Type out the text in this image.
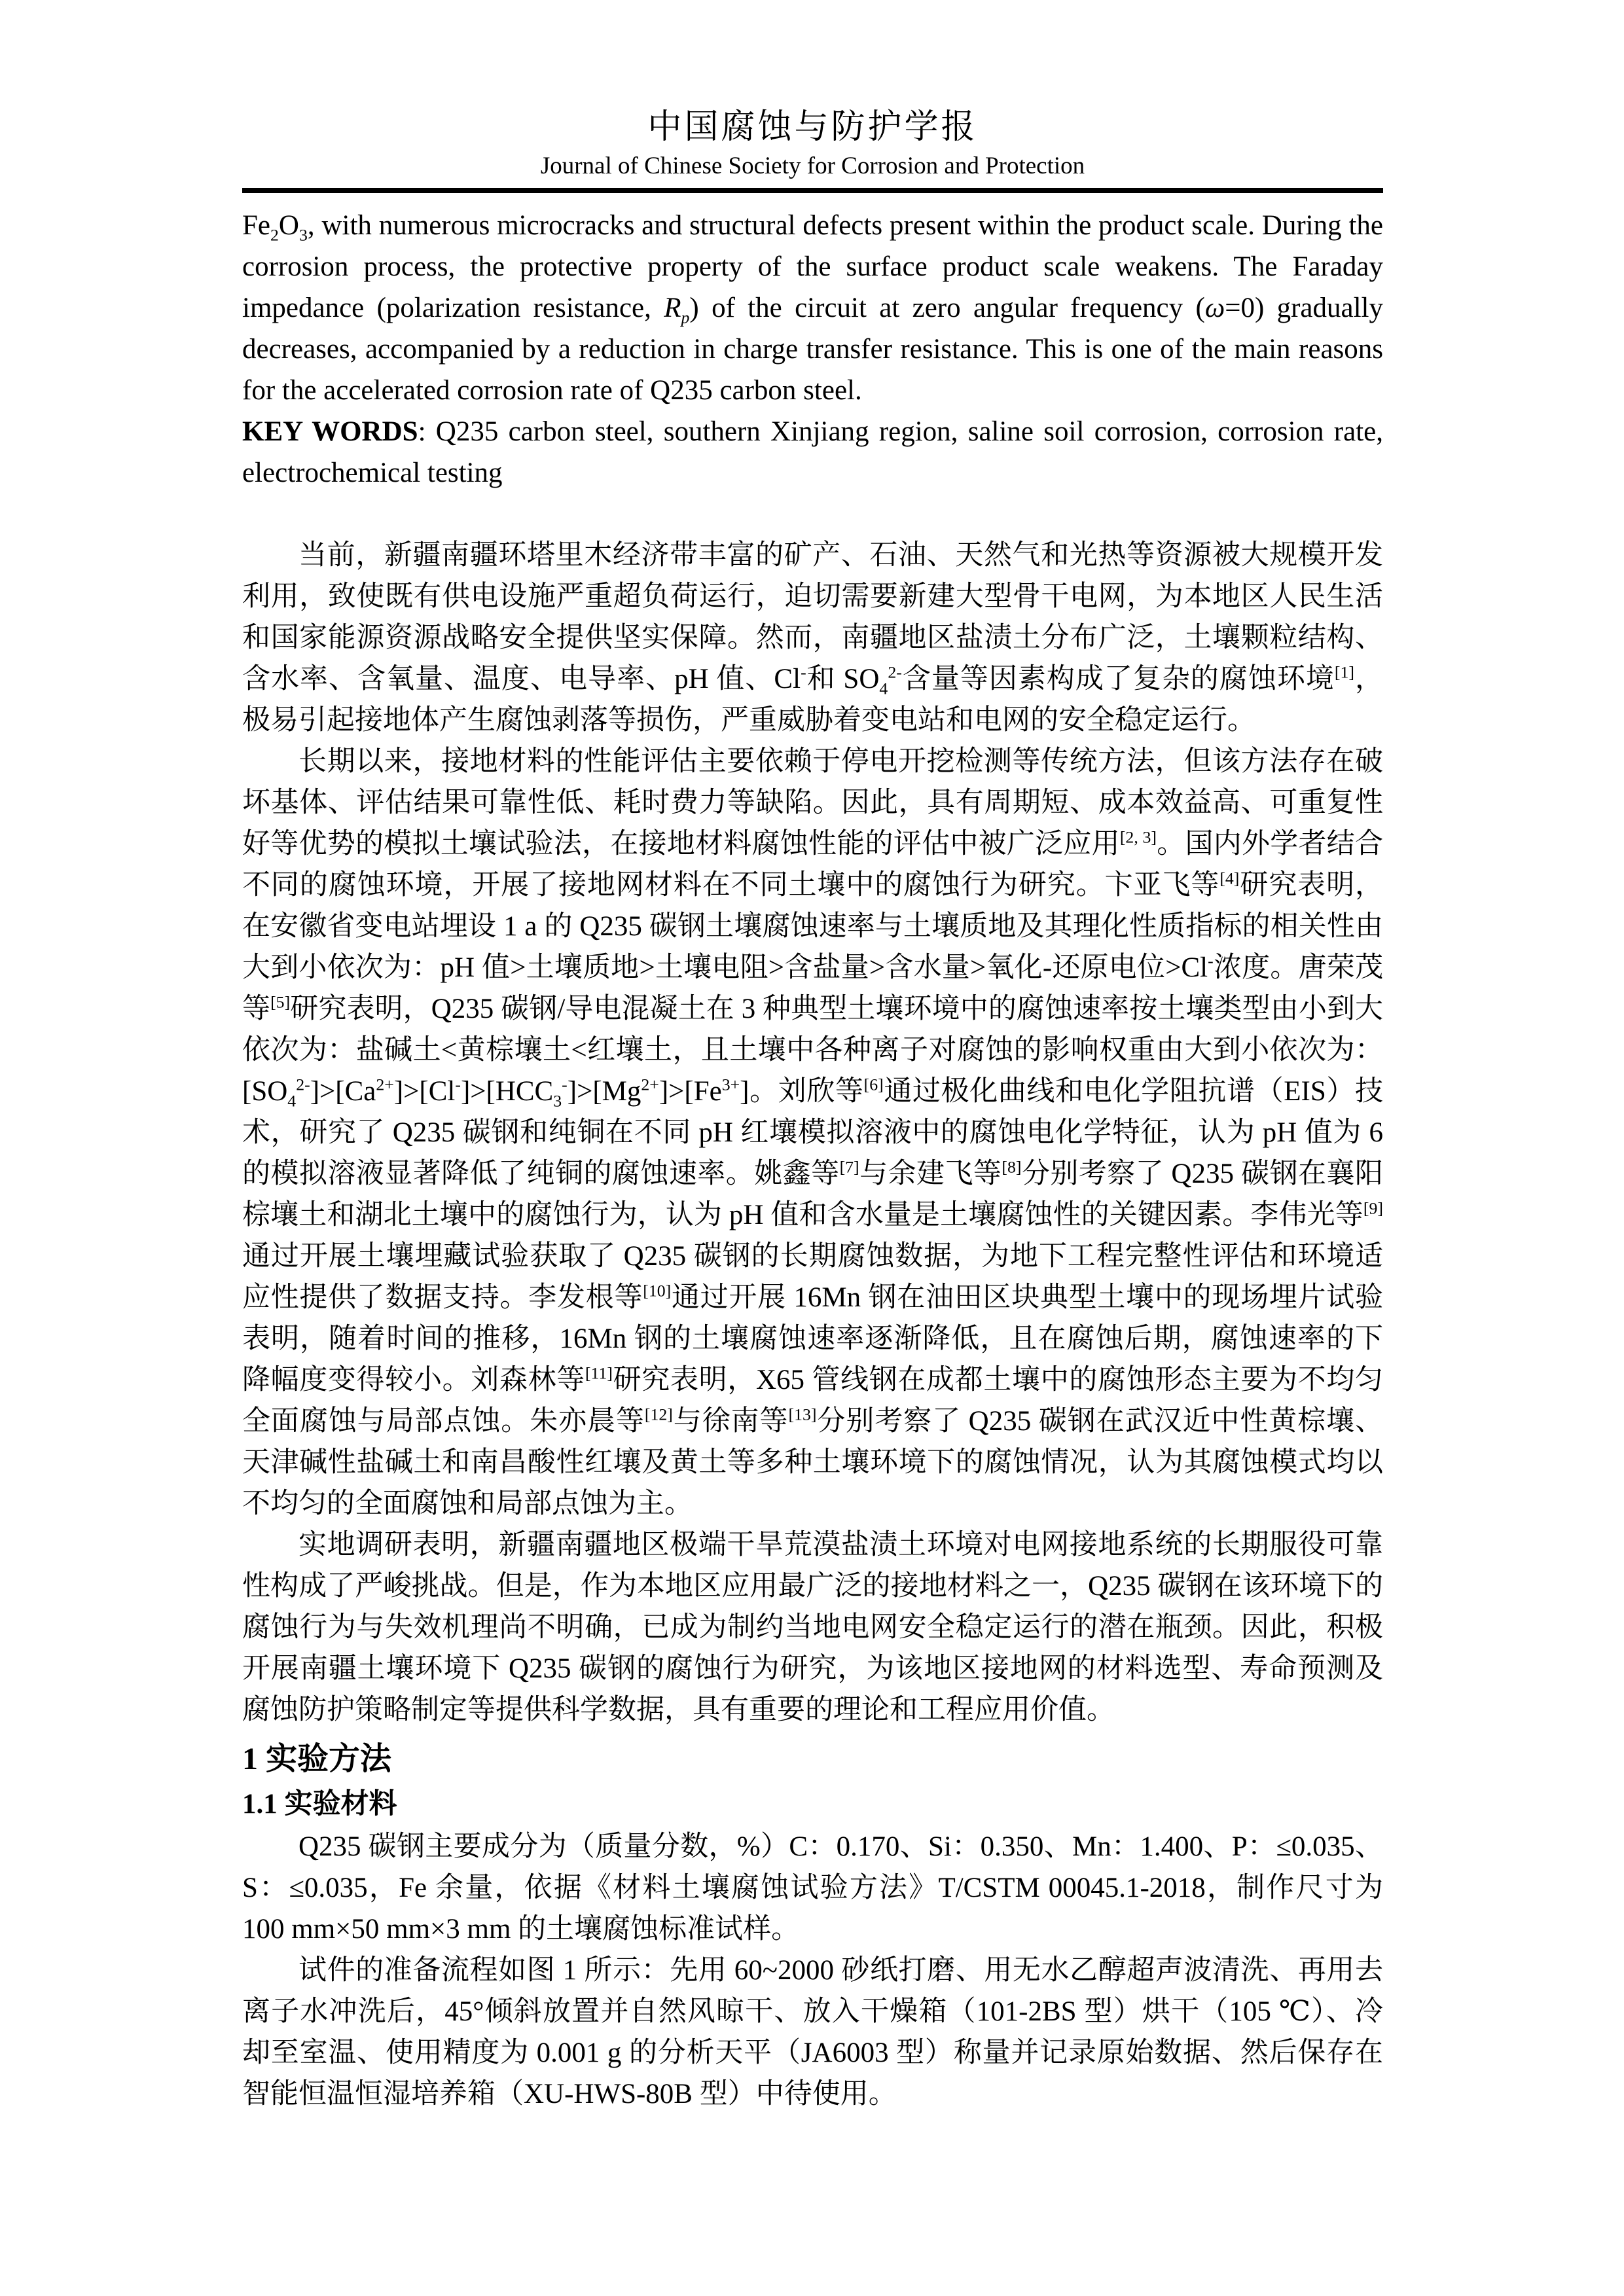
中国腐蚀与防护学报
Journal of Chinese Society for Corrosion and Protection

$Fe_2O_3$, with numerous microcracks and structural defects present within the product scale. During the corrosion process, the protective property of the surface product scale weakens. The Faraday impedance (polarization resistance, $R_p$) of the circuit at zero angular frequency (ω=0) gradually decreases, accompanied by a reduction in charge transfer resistance. This is one of the main reasons for the accelerated corrosion rate of Q235 carbon steel.

KEY WORDS: Q235 carbon steel, southern Xinjiang region, saline soil corrosion, corrosion rate, electrochemical testing

当前，新疆南疆环塔里木经济带丰富的矿产、石油、天然气和光热等资源被大规模开发利用，致使既有供电设施严重超负荷运行，迫切需要新建大型骨干电网，为本地区人民生活和国家能源资源战略安全提供坚实保障。然而，南疆地区盐渍土分布广泛，土壤颗粒结构、含水率、含氧量、温度、电导率、pH 值、Cl-和 $SO_4^{2-}$含量等因素构成了复杂的腐蚀环境[1]，极易引起接地体产生腐蚀剥落等损伤，严重威胁着变电站和电网的安全稳定运行。

长期以来，接地材料的性能评估主要依赖于停电开挖检测等传统方法，但该方法存在破坏基体、评估结果可靠性低、耗时费力等缺陷。因此，具有周期短、成本效益高、可重复性好等优势的模拟土壤试验法，在接地材料腐蚀性能的评估中被广泛应用[2, 3]。国内外学者结合不同的腐蚀环境，开展了接地网材料在不同土壤中的腐蚀行为研究。卞亚飞等[4]研究表明，在安徽省变电站埋设 1 a 的 Q235 碳钢土壤腐蚀速率与土壤质地及其理化性质指标的相关性由大到小依次为：pH 值>土壤质地>土壤电阻>含盐量>含水量>氧化-还原电位>Cl-浓度。唐荣茂等[5]研究表明，Q235 碳钢/导电混凝土在 3 种典型土壤环境中的腐蚀速率按土壤类型由小到大依次为：盐碱土<黄棕壤土<红壤土，且土壤中各种离子对腐蚀的影响权重由大到小依次为：$[SO_4^{2-}]>[Ca^{2+}]>[Cl^-]>[HCC_3^-]>[Mg^{2+}]>[Fe^{3+}]$。刘欣等[6]通过极化曲线和电化学阻抗谱（EIS）技术，研究了 Q235 碳钢和纯铜在不同 pH 红壤模拟溶液中的腐蚀电化学特征，认为 pH 值为 6 的模拟溶液显著降低了纯铜的腐蚀速率。姚鑫等[7]与余建飞等[8]分别考察了 Q235 碳钢在襄阳棕壤土和湖北土壤中的腐蚀行为，认为 pH 值和含水量是土壤腐蚀性的关键因素。李伟光等[9]通过开展土壤埋藏试验获取了 Q235 碳钢的长期腐蚀数据，为地下工程完整性评估和环境适应性提供了数据支持。李发根等[10]通过开展 16Mn 钢在油田区块典型土壤中的现场埋片试验表明，随着时间的推移，16Mn 钢的土壤腐蚀速率逐渐降低，且在腐蚀后期，腐蚀速率的下降幅度变得较小。刘森林等[11]研究表明，X65 管线钢在成都土壤中的腐蚀形态主要为不均匀全面腐蚀与局部点蚀。朱亦晨等[12]与徐南等[13]分别考察了 Q235 碳钢在武汉近中性黄棕壤、天津碱性盐碱土和南昌酸性红壤及黄土等多种土壤环境下的腐蚀情况，认为其腐蚀模式均以不均匀的全面腐蚀和局部点蚀为主。

实地调研表明，新疆南疆地区极端干旱荒漠盐渍土环境对电网接地系统的长期服役可靠性构成了严峻挑战。但是，作为本地区应用最广泛的接地材料之一，Q235 碳钢在该环境下的腐蚀行为与失效机理尚不明确，已成为制约当地电网安全稳定运行的潜在瓶颈。因此，积极开展南疆土壤环境下 Q235 碳钢的腐蚀行为研究，为该地区接地网的材料选型、寿命预测及腐蚀防护策略制定等提供科学数据，具有重要的理论和工程应用价值。

1 实验方法

1.1 实验材料

Q235 碳钢主要成分为（质量分数，%）C：0.170、Si：0.350、Mn：1.400、P：≤0.035、S：≤0.035，Fe 余量，依据《材料土壤腐蚀试验方法》T/CSTM 00045.1-2018，制作尺寸为 100 mm×50 mm×3 mm 的土壤腐蚀标准试样。

试件的准备流程如图 1 所示：先用 60~2000 砂纸打磨、用无水乙醇超声波清洗、再用去离子水冲洗后，45°倾斜放置并自然风晾干、放入干燥箱（101-2BS 型）烘干（105 ℃）、冷却至室温、使用精度为 0.001 g 的分析天平（JA6003 型）称量并记录原始数据、然后保存在智能恒温恒湿培养箱（XU-HWS-80B 型）中待使用。
